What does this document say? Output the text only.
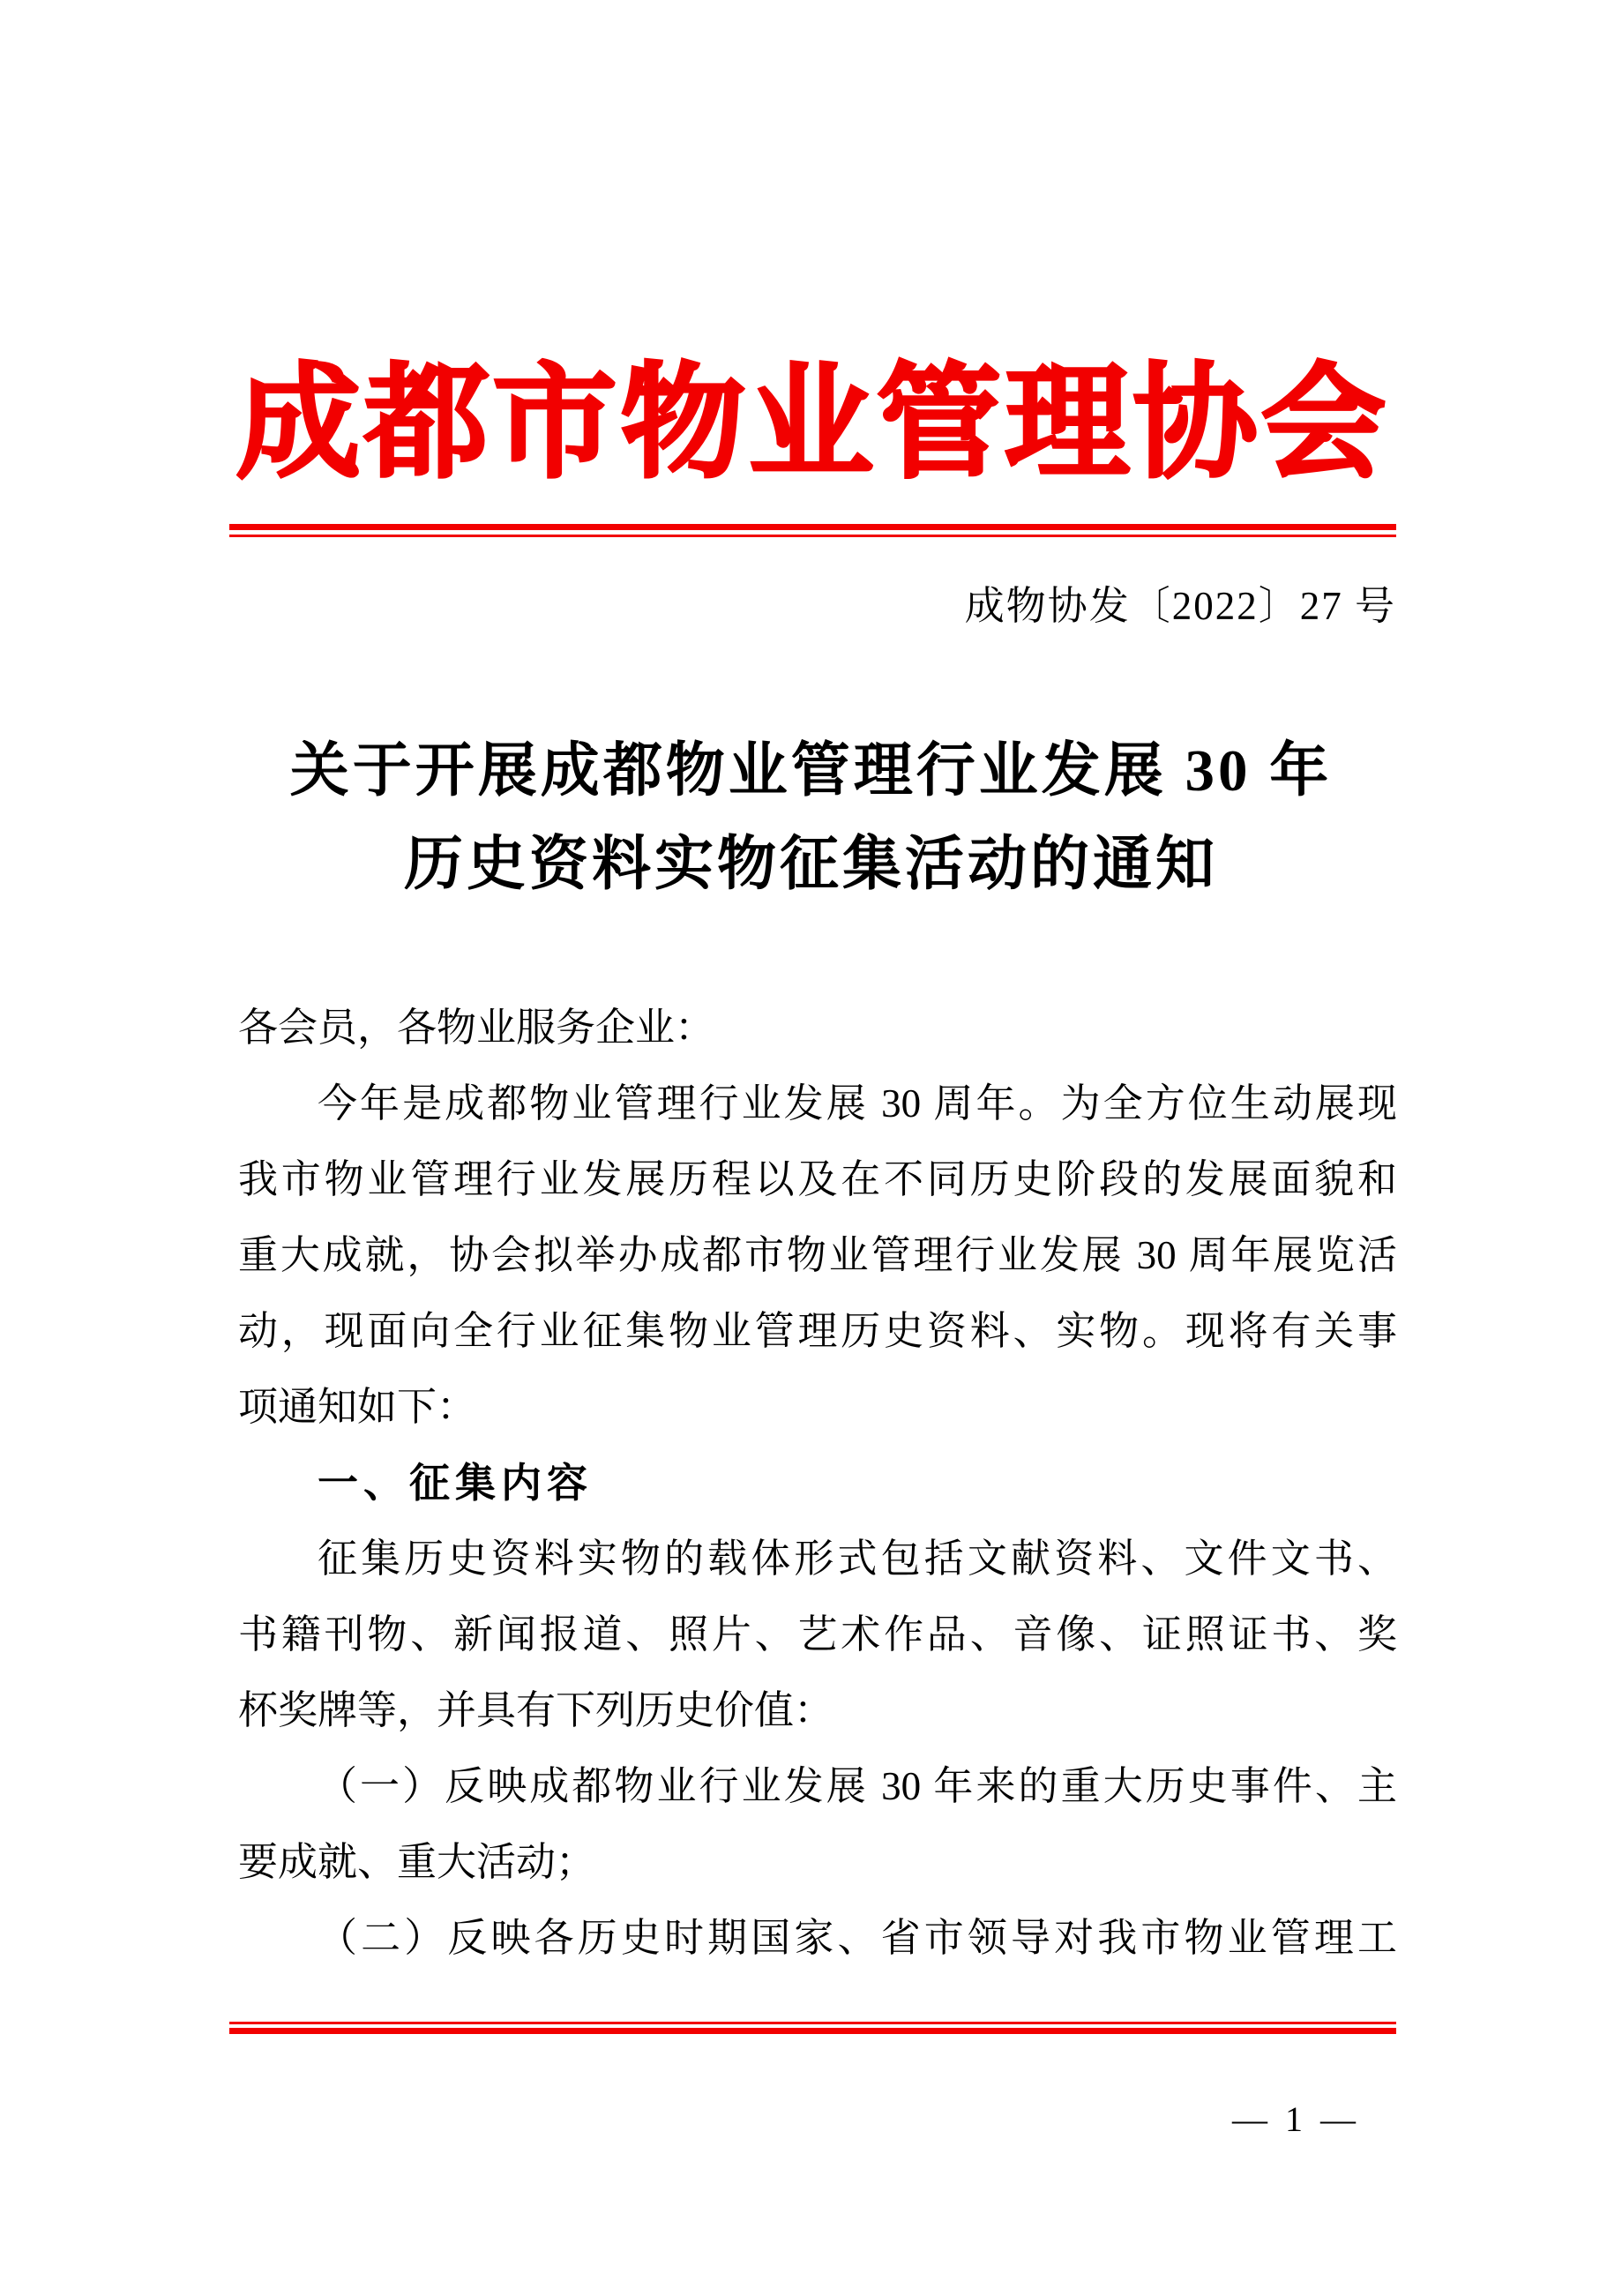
成都市物业管理协会
成物协发〔2022〕27 号
关于开展成都物业管理行业发展 30 年
历史资料实物征集活动的通知
各会员，各物业服务企业：
今年是成都物业管理行业发展 30 周年。为全方位生动展现
我市物业管理行业发展历程以及在不同历史阶段的发展面貌和
重大成就，协会拟举办成都市物业管理行业发展 30 周年展览活
动，现面向全行业征集物业管理历史资料、实物。现将有关事
项通知如下：
一、征集内容
征集历史资料实物的载体形式包括文献资料、文件文书、
书籍刊物、新闻报道、照片、艺术作品、音像、证照证书、奖
杯奖牌等，并具有下列历史价值：
（一）反映成都物业行业发展 30 年来的重大历史事件、主
要成就、重大活动；
（二）反映各历史时期国家、省市领导对我市物业管理工
— 1 —
